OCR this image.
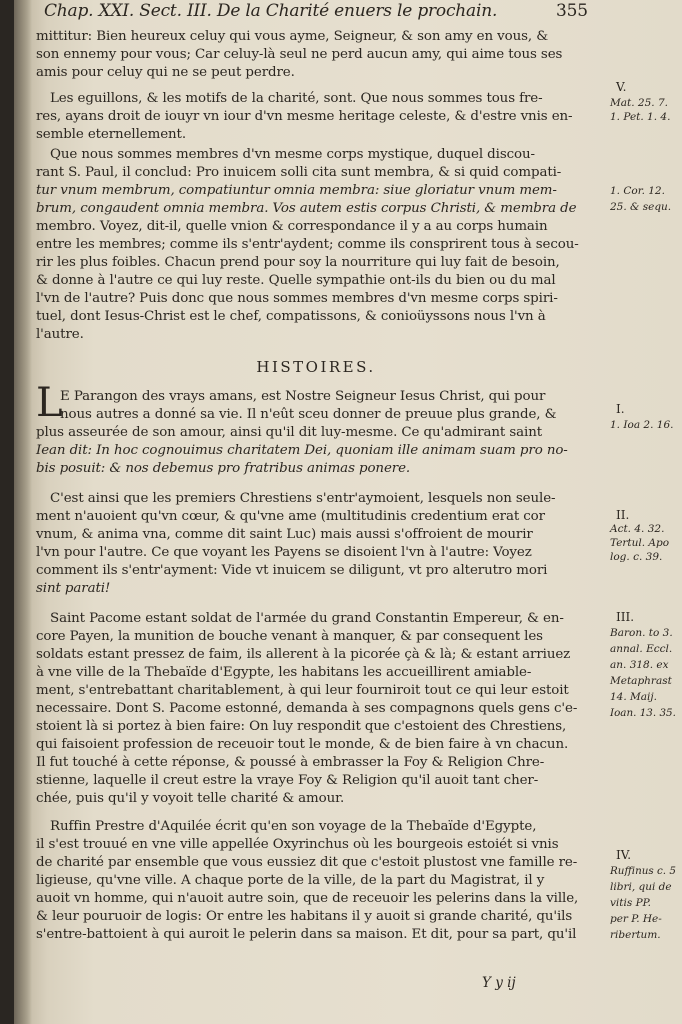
Chap. XXI. Sect. III. De la Charité enuers le prochain.	355
mittitur: Bien heureux celuy qui vous ayme, Seigneur, & son amy en vous, &
son ennemy pour vous; Car celuy-là seul ne perd aucun amy, qui aime tous ses
amis pour celuy qui ne se peut perdre.
Les eguillons, & les motifs de la charité, sont. Que nous sommes tous fre-
res, ayans droit de iouyr vn iour d'vn mesme heritage celeste, & d'estre vnis en-
semble eternellement.
Que nous sommes membres d'vn mesme corps mystique, duquel discou-
rant S. Paul, il conclud: Pro inuicem solli cita sunt membra, & si quid compati-
tur vnum membrum, compatiuntur omnia membra: siue gloriatur vnum mem-
brum, congaudent omnia membra. Vos autem estis corpus Christi, & membra de
membro. Voyez, dit-il, quelle vnion & correspondance il y a au corps humain
entre les membres; comme ils s'entr'aydent; comme ils consprirent tous à secou-
rir les plus foibles. Chacun prend pour soy la nourriture qui luy fait de besoin,
& donne à l'autre ce qui luy reste. Quelle sympathie ont-ils du bien ou du mal
l'vn de l'autre? Puis donc que nous sommes membres d'vn mesme corps spiri-
tuel, dont Iesus-Christ est le chef, compatissons, & conioüyssons nous l'vn à
l'autre.
HISTOIRES.
L
E Parangon des vrays amans, est Nostre Seigneur Iesus Christ, qui pour
nous autres a donné sa vie. Il n'eût sceu donner de preuue plus grande, &
plus asseurée de son amour, ainsi qu'il dit luy-mesme. Ce qu'admirant saint
Iean dit: In hoc cognouimus charitatem Dei, quoniam ille animam suam pro no-
bis posuit: & nos debemus pro fratribus animas ponere.
C'est ainsi que les premiers Chrestiens s'entr'aymoient, lesquels non seule-
ment n'auoient qu'vn cœur, & qu'vne ame (multitudinis credentium erat cor
vnum, & anima vna, comme dit saint Luc) mais aussi s'offroient de mourir
l'vn pour l'autre. Ce que voyant les Payens se disoient l'vn à l'autre: Voyez
comment ils s'entr'ayment: Vide vt inuicem se diligunt, vt pro alterutro mori
sint parati!
Saint Pacome estant soldat de l'armée du grand Constantin Empereur, & en-
core Payen, la munition de bouche venant à manquer, & par consequent les
soldats estant pressez de faim, ils allerent à la picorée çà & là; & estant arriuez
à vne ville de la Thebaïde d'Egypte, les habitans les accueillirent amiable-
ment, s'entrebattant charitablement, à qui leur fourniroit tout ce qui leur estoit
necessaire. Dont S. Pacome estonné, demanda à ses compagnons quels gens c'e-
stoient là si portez à bien faire: On luy respondit que c'estoient des Chrestiens,
qui faisoient profession de receuoir tout le monde, & de bien faire à vn chacun.
Il fut touché à cette réponse, & poussé à embrasser la Foy & Religion Chre-
stienne, laquelle il creut estre la vraye Foy & Religion qu'il auoit tant cher-
chée, puis qu'il y voyoit telle charité & amour.
Ruffin Prestre d'Aquilée écrit qu'en son voyage de la Thebaïde d'Egypte,
il s'est trouué en vne ville appellée Oxyrinchus où les bourgeois estoiét si vnis
de charité par ensemble que vous eussiez dit que c'estoit plustost vne famille re-
ligieuse, qu'vne ville. A chaque porte de la ville, de la part du Magistrat, il y
auoit vn homme, qui n'auoit autre soin, que de receuoir les pelerins dans la ville,
& leur pouruoir de logis: Or entre les habitans il y auoit si grande charité, qu'ils
s'entre-battoient à qui auroit le pelerin dans sa maison. Et dit, pour sa part, qu'il
V.
Mat. 25. 7.
1. Pet. 1. 4.
1. Cor. 12.
25. & sequ.
I.
1. Ioa 2. 16.
II.
Act. 4. 32.
Tertul. Apo
log. c. 39.
III.
Baron. to 3.
annal. Eccl.
an. 318. ex
Metaphrast
14. Maij.
Ioan. 13. 35.
IV.
Ruffinus c. 5
libri, qui de
vitis PP.
per P. He-
ribertum.
Y y ij
